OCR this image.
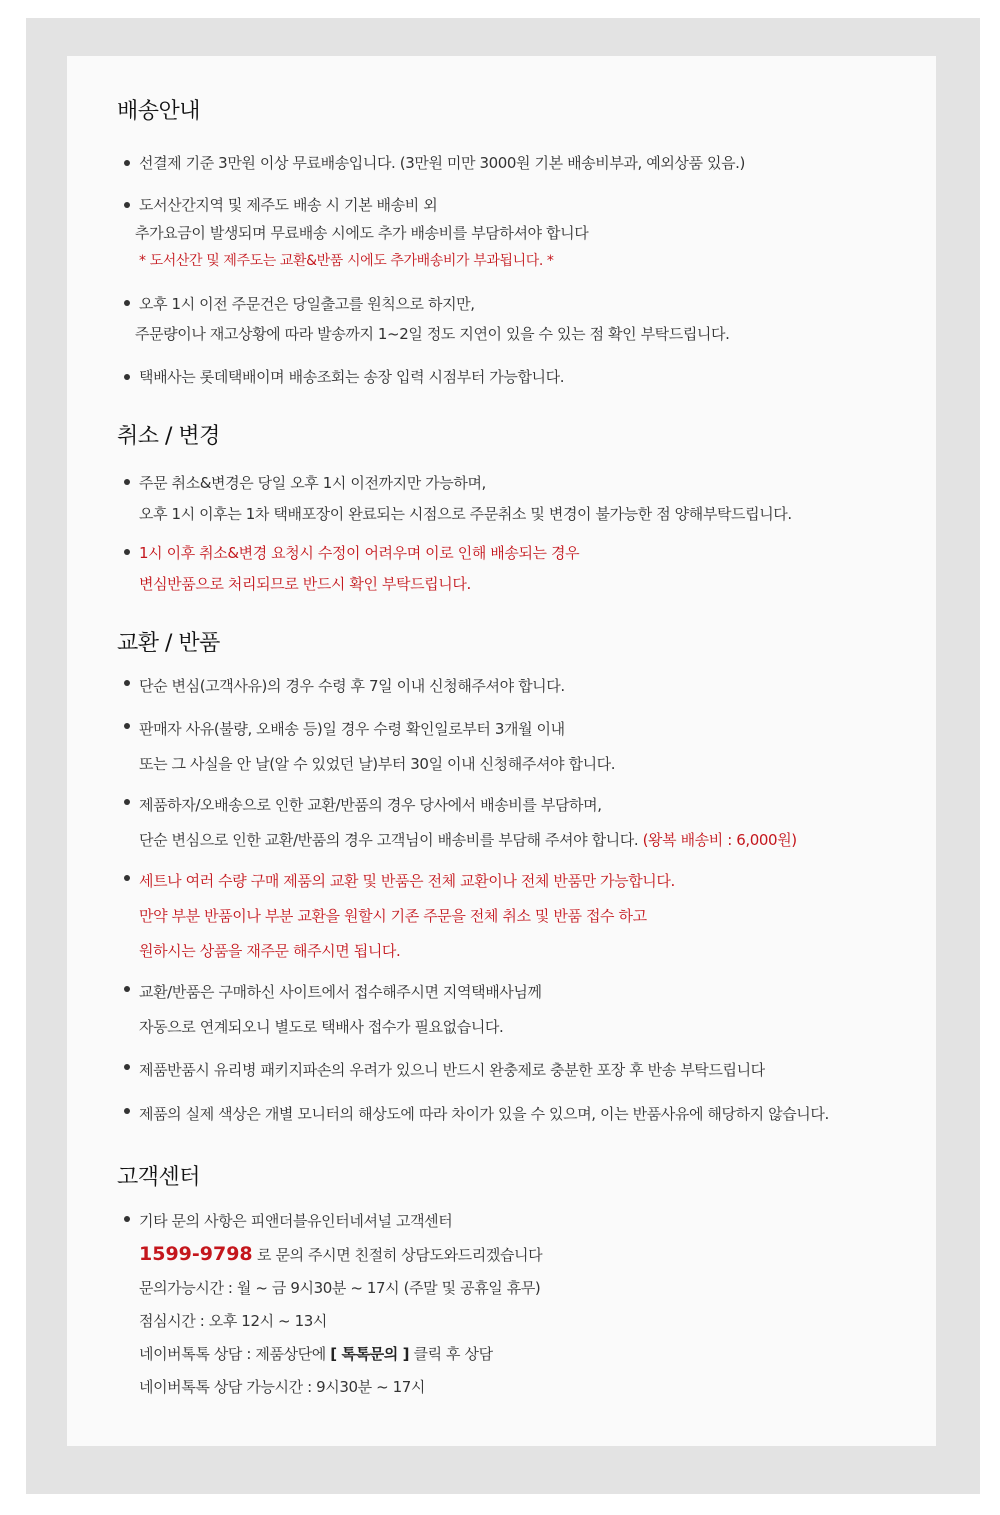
배송안내
선결제 기준 3만원 이상 무료배송입니다. (3만원 미만 3000원 기본 배송비부과, 예외상품 있음.)
도서산간지역 및 제주도 배송 시 기본 배송비 외
추가요금이 발생되며 무료배송 시에도 추가 배송비를 부담하셔야 합니다
* 도서산간 및 제주도는 교환&반품 시에도 추가배송비가 부과됩니다. *
오후 1시 이전 주문건은 당일출고를 원칙으로 하지만,
주문량이나 재고상황에 따라 발송까지 1~2일 정도 지연이 있을 수 있는 점 확인 부탁드립니다.
택배사는 롯데택배이며 배송조회는 송장 입력 시점부터 가능합니다.
취소 / 변경
주문 취소&변경은 당일 오후 1시 이전까지만 가능하며,
오후 1시 이후는 1차 택배포장이 완료되는 시점으로 주문취소 및 변경이 불가능한 점 양해부탁드립니다.
1시 이후 취소&변경 요청시 수정이 어려우며 이로 인해 배송되는 경우
변심반품으로 처리되므로 반드시 확인 부탁드립니다.
교환 / 반품
단순 변심(고객사유)의 경우 수령 후 7일 이내 신청해주셔야 합니다.
판매자 사유(불량, 오배송 등)일 경우 수령 확인일로부터 3개월 이내
또는 그 사실을 안 날(알 수 있었던 날)부터 30일 이내 신청해주셔야 합니다.
제품하자/오배송으로 인한 교환/반품의 경우 당사에서 배송비를 부담하며,
단순 변심으로 인한 교환/반품의 경우 고객님이 배송비를 부담해 주셔야 합니다. (왕복 배송비 : 6,000원)
세트나 여러 수량 구매 제품의 교환 및 반품은 전체 교환이나 전체 반품만 가능합니다.
만약 부분 반품이나 부분 교환을 원할시 기존 주문을 전체 취소 및 반품 접수 하고
원하시는 상품을 재주문 해주시면 됩니다.
교환/반품은 구매하신 사이트에서 접수해주시면 지역택배사님께
자동으로 연계되오니 별도로 택배사 접수가 필요없습니다.
제품반품시 유리병 패키지파손의 우려가 있으니 반드시 완충제로 충분한 포장 후 반송 부탁드립니다
제품의 실제 색상은 개별 모니터의 해상도에 따라 차이가 있을 수 있으며, 이는 반품사유에 해당하지 않습니다.
고객센터
기타 문의 사항은 피앤더블유인터네셔널 고객센터
1599-9798 로 문의 주시면 친절히 상담도와드리겠습니다
문의가능시간 : 월 ~ 금 9시30분 ~ 17시 (주말 및 공휴일 휴무)
점심시간 : 오후 12시 ~ 13시
네이버톡톡 상담 : 제품상단에 [ 톡톡문의 ] 클릭 후 상담
네이버톡톡 상담 가능시간 : 9시30분 ~ 17시
